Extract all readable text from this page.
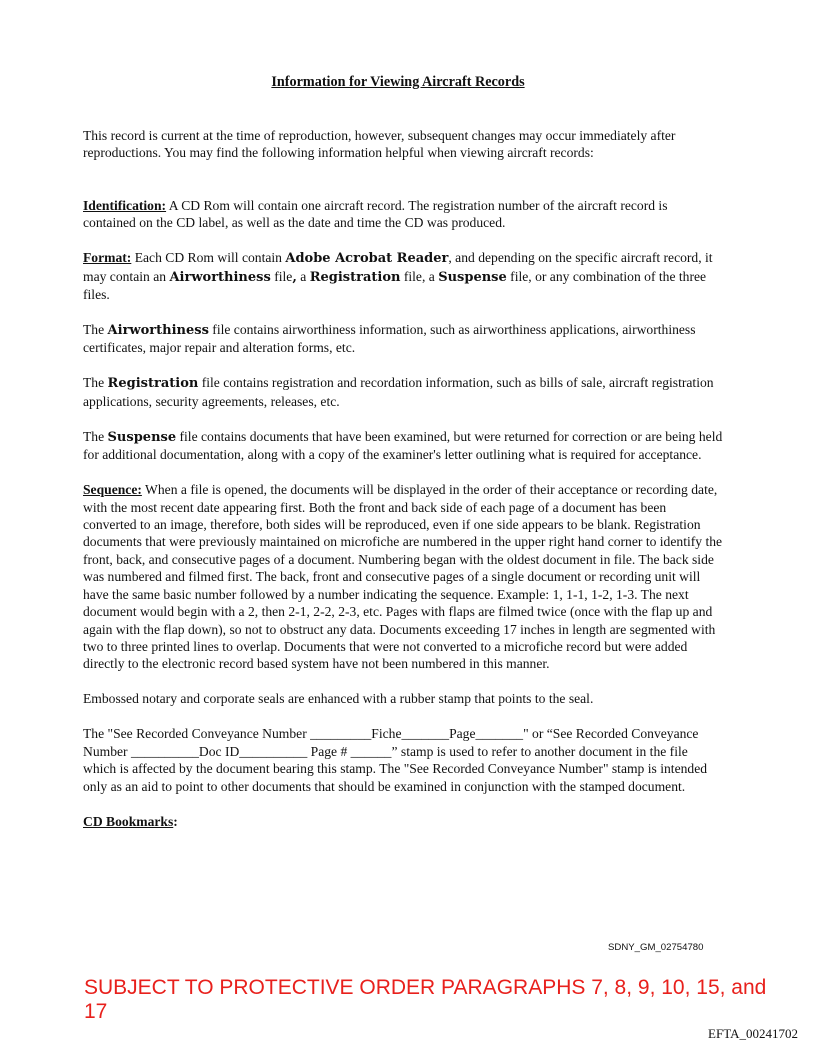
Information for Viewing Aircraft Records

This record is current at the time of reproduction, however, subsequent changes may occur immediately after reproductions. You may find the following information helpful when viewing aircraft records:

Identification: A CD Rom will contain one aircraft record. The registration number of the aircraft record is contained on the CD label, as well as the date and time the CD was produced.

Format: Each CD Rom will contain Adobe Acrobat Reader, and depending on the specific aircraft record, it may contain an Airworthiness file, a Registration file, a Suspense file, or any combination of the three files.

The Airworthiness file contains airworthiness information, such as airworthiness applications, airworthiness certificates, major repair and alteration forms, etc.

The Registration file contains registration and recordation information, such as bills of sale, aircraft registration applications, security agreements, releases, etc.

The Suspense file contains documents that have been examined, but were returned for correction or are being held for additional documentation, along with a copy of the examiner's letter outlining what is required for acceptance.

Sequence: When a file is opened, the documents will be displayed in the order of their acceptance or recording date, with the most recent date appearing first. Both the front and back side of each page of a document has been converted to an image, therefore, both sides will be reproduced, even if one side appears to be blank. Registration documents that were previously maintained on microfiche are numbered in the upper right hand corner to identify the front, back, and consecutive pages of a document. Numbering began with the oldest document in file. The back side was numbered and filmed first. The back, front and consecutive pages of a single document or recording unit will have the same basic number followed by a number indicating the sequence. Example: 1, 1-1, 1-2, 1-3. The next document would begin with a 2, then 2-1, 2-2, 2-3, etc. Pages with flaps are filmed twice (once with the flap up and again with the flap down), so not to obstruct any data. Documents exceeding 17 inches in length are segmented with two to three printed lines to overlap. Documents that were not converted to a microfiche record but were added directly to the electronic record based system have not been numbered in this manner.

Embossed notary and corporate seals are enhanced with a rubber stamp that points to the seal.

The "See Recorded Conveyance Number _________Fiche_______Page_______" or “See Recorded Conveyance Number __________Doc ID__________ Page # ______” stamp is used to refer to another document in the file which is affected by the document bearing this stamp. The "See Recorded Conveyance Number" stamp is intended only as an aid to point to other documents that should be examined in conjunction with the stamped document.

CD Bookmarks:

SDNY_GM_02754780
SUBJECT TO PROTECTIVE ORDER PARAGRAPHS 7, 8, 9, 10, 15, and 17
EFTA_00241702
